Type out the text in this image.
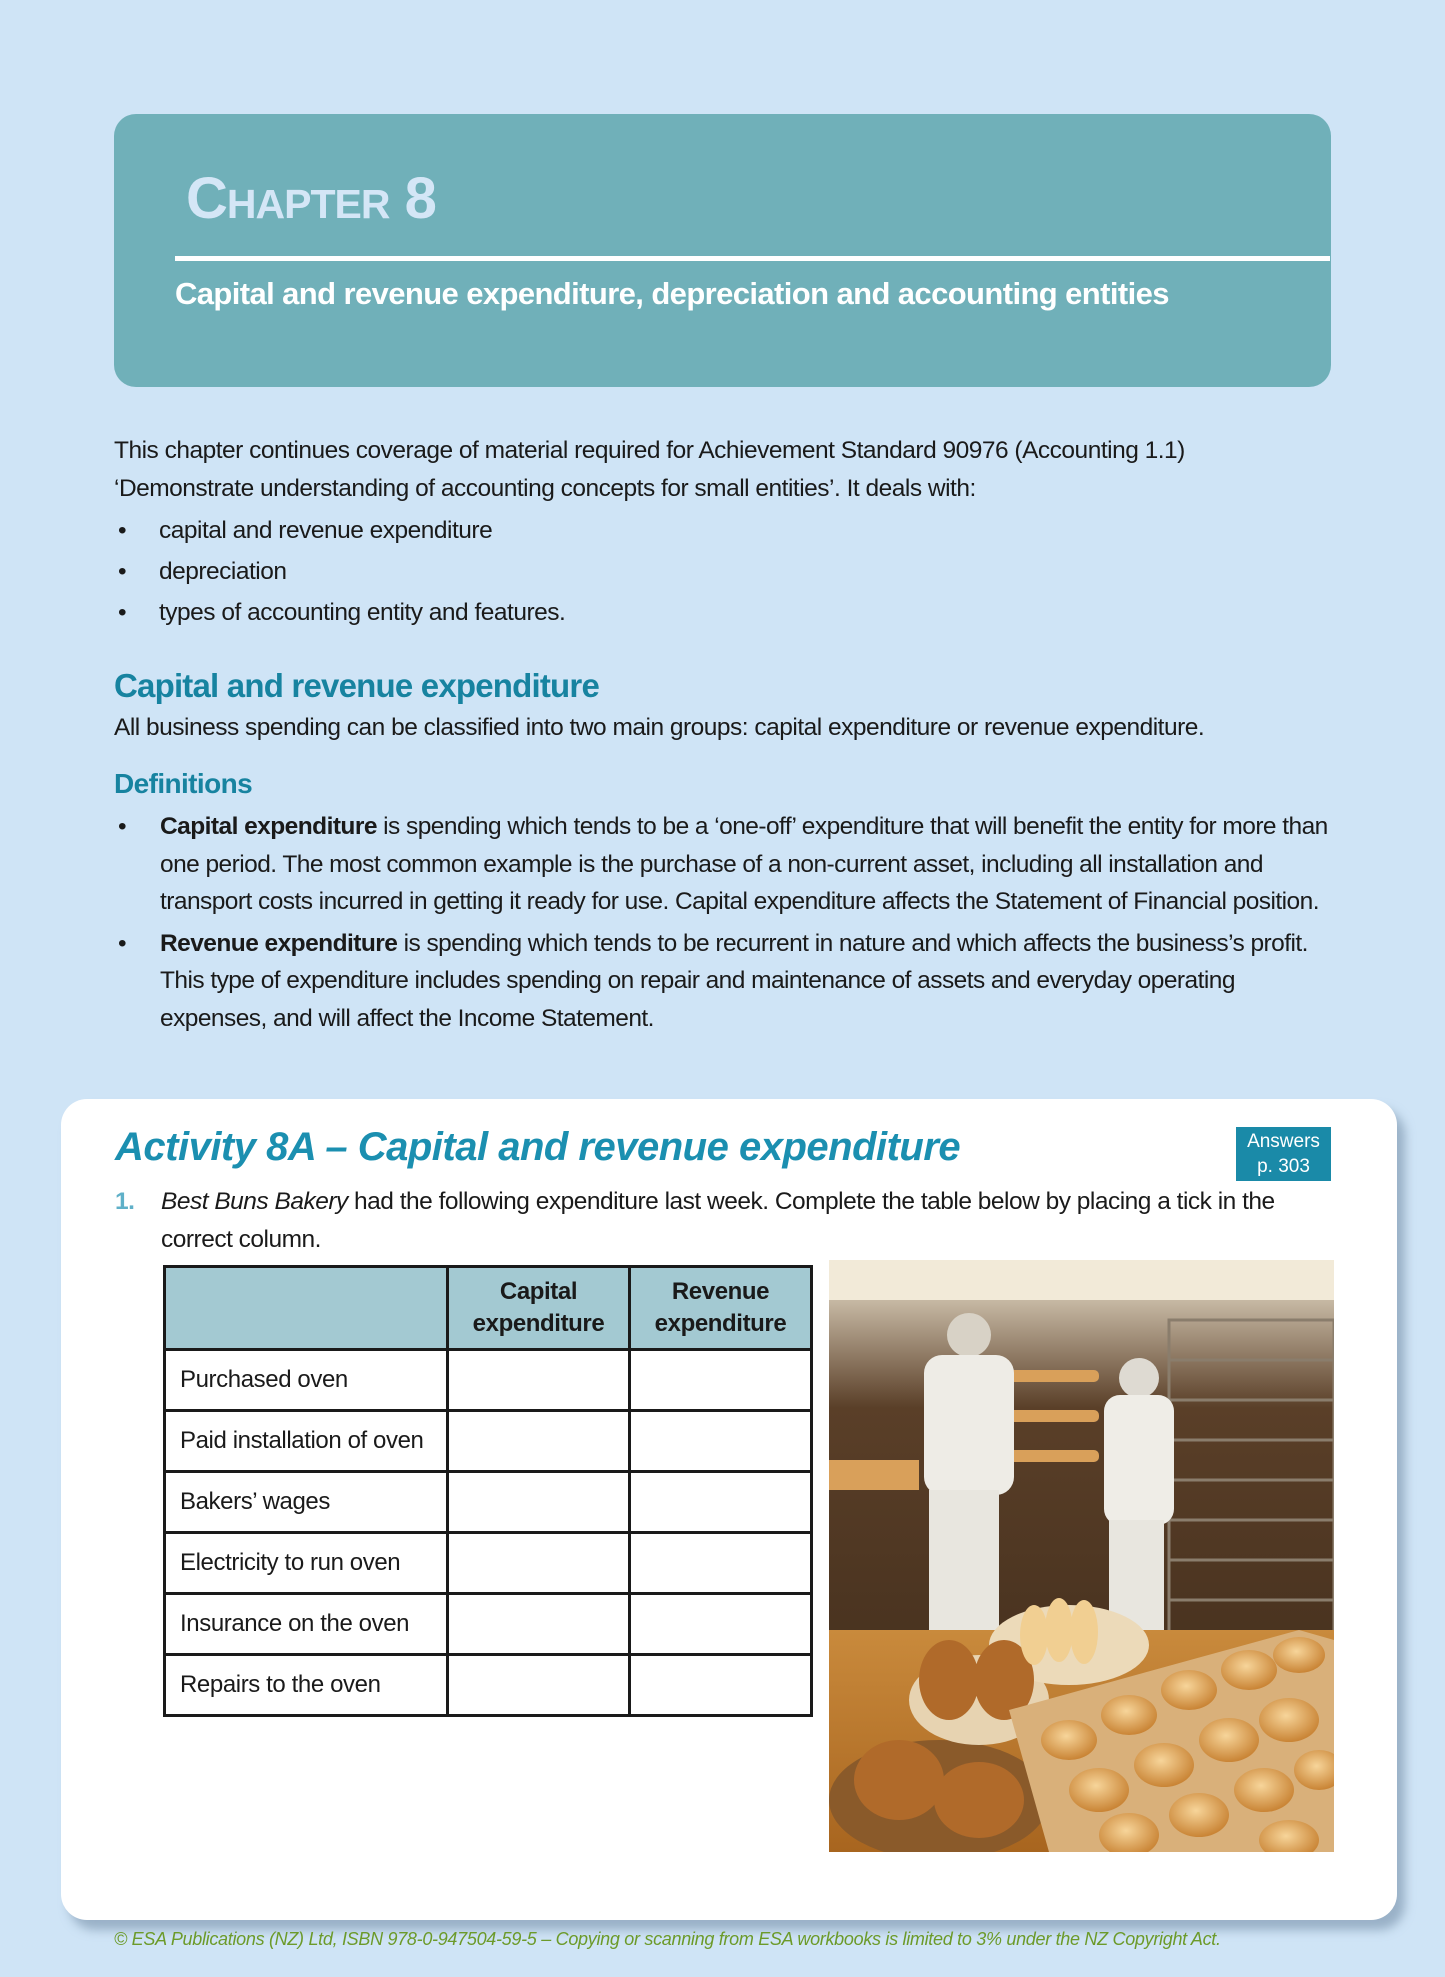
Chapter 8
Capital and revenue expenditure, depreciation and accounting entities

This chapter continues coverage of material required for Achievement Standard 90976 (Accounting 1.1) ‘Demonstrate understanding of accounting concepts for small entities’. It deals with:

• capital and revenue expenditure
• depreciation
• types of accounting entity and features.
Capital and revenue expenditure
All business spending can be classified into two main groups: capital expenditure or revenue expenditure.
Definitions
• Capital expenditure is spending which tends to be a ‘one-off’ expenditure that will benefit the entity for more than one period. The most common example is the purchase of a non-current asset, including all installation and transport costs incurred in getting it ready for use. Capital expenditure affects the Statement of Financial position.
• Revenue expenditure is spending which tends to be recurrent in nature and which affects the business’s profit. This type of expenditure includes spending on repair and maintenance of assets and everyday operating expenses, and will affect the Income Statement.
Activity 8A – Capital and revenue expenditure	Answers
p. 303
1.	Best Buns Bakery had the following expenditure last week. Complete the table below by placing a tick in the correct column.
	Capital expenditure	Revenue expenditure
Purchased oven		
Paid installation of oven		
Bakers’ wages		
Electricity to run oven		
Insurance on the oven		
Repairs to the oven		
© ESA Publications (NZ) Ltd, ISBN 978-0-947504-59-5 – Copying or scanning from ESA workbooks is limited to 3% under the NZ Copyright Act.
